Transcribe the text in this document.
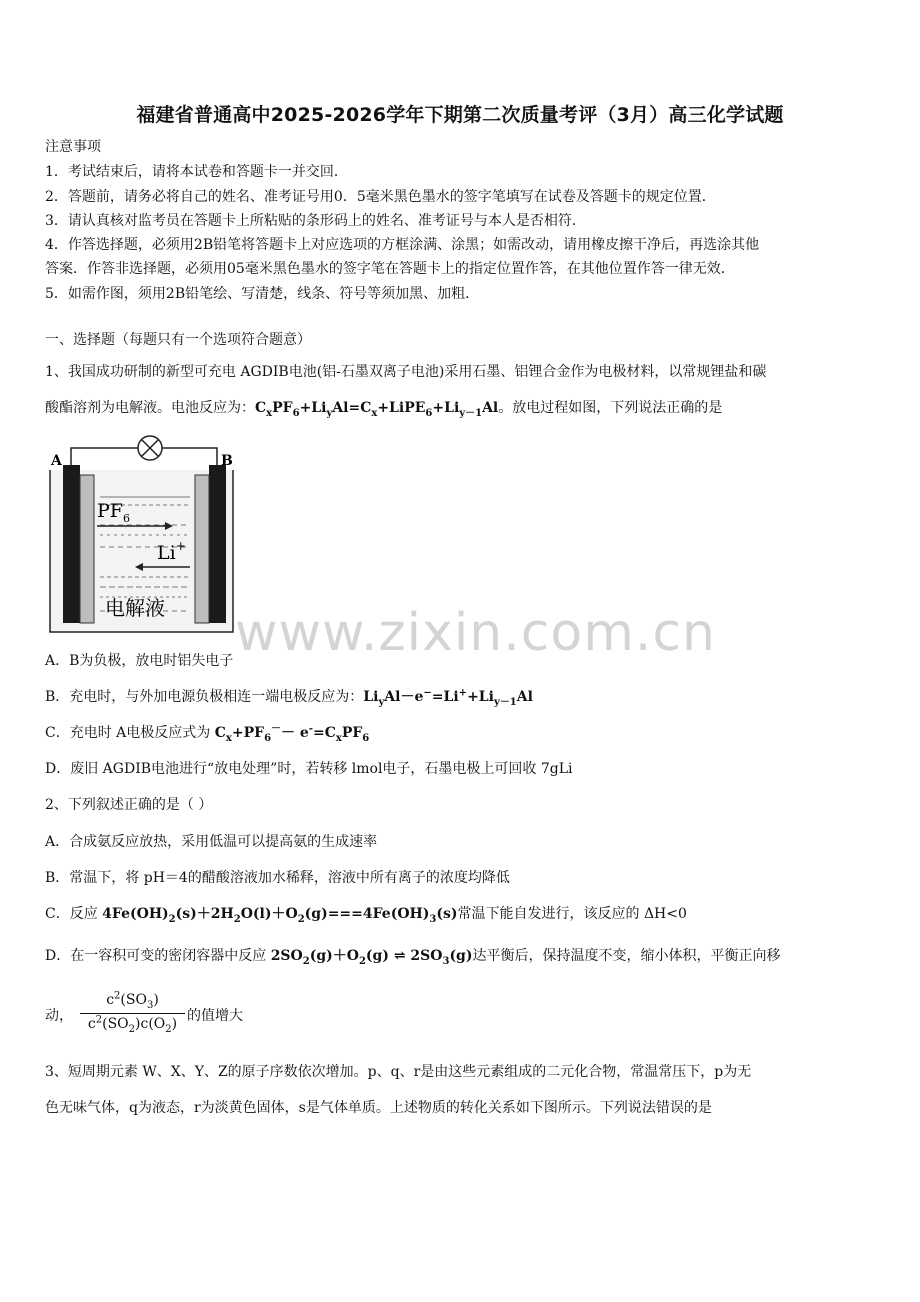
福建省普通高中2025-2026学年下期第二次质量考评（3月）高三化学试题
注意事项
1．考试结束后，请将本试卷和答题卡一并交回．
2．答题前，请务必将自己的姓名、准考证号用0．5毫米黑色墨水的签字笔填写在试卷及答题卡的规定位置．
3．请认真核对监考员在答题卡上所粘贴的条形码上的姓名、准考证号与本人是否相符．
4．作答选择题，必须用2B铅笔将答题卡上对应选项的方框涂满、涂黑；如需改动，请用橡皮擦干净后，再选涂其他
答案．作答非选择题，必须用05毫米黑色墨水的签字笔在答题卡上的指定位置作答，在其他位置作答一律无效．
5．如需作图，须用2B铅笔绘、写清楚，线条、符号等须加黑、加粗．
一、选择题（每题只有一个选项符合题意）
1、我国成功研制的新型可充电 AGDIB电池(铝-石墨双离子电池)采用石墨、铝锂合金作为电极材料，以常规锂盐和碳
酸酯溶剂为电解液。电池反应为：$C_xPF_6+Li_yAl=C_x+LiPE_6+Li_{y-1}Al$。放电过程如图，下列说法正确的是
A	B
$PF_6$
Li+
电解液 www.zixin.com.cn
A．B为负极，放电时铝失电子
B．充电时，与外加电源负极相连一端电极反应为：$Li_yAl-e^-=Li^++Li_{y-1}Al$
C．充电时 A电极反应式为 $C_x+PF_6^-- e^-=C_xPF_6$
D．废旧 AGDIB电池进行“放电处理”时，若转移 lmol电子，石墨电极上可回收 7gLi
2、下列叙述正确的是（ ）
A．合成氨反应放热，采用低温可以提高氨的生成速率
B．常温下，将 pH＝4的醋酸溶液加水稀释，溶液中所有离子的浓度均降低
C．反应 $4Fe(OH)_2(s)+2H_2O(l)+O_2(g)===4Fe(OH)_3(s)$常温下能自发进行，该反应的 ΔH<0
D．在一容积可变的密闭容器中反应 $2SO_2(g)+O_2(g)$ ⇌ $2SO_3(g)$达平衡后，保持温度不变，缩小体积，平衡正向移
动，
$c^2(SO_3)$
$c^2(SO_2)c(O_2)$ 的值增大
3、短周期元素 W、X、Y、Z的原子序数依次增加。p、q、r是由这些元素组成的二元化合物，常温常压下，p为无
色无味气体，q为液态，r为淡黄色固体，s是气体单质。上述物质的转化关系如下图所示。下列说法错误的是
